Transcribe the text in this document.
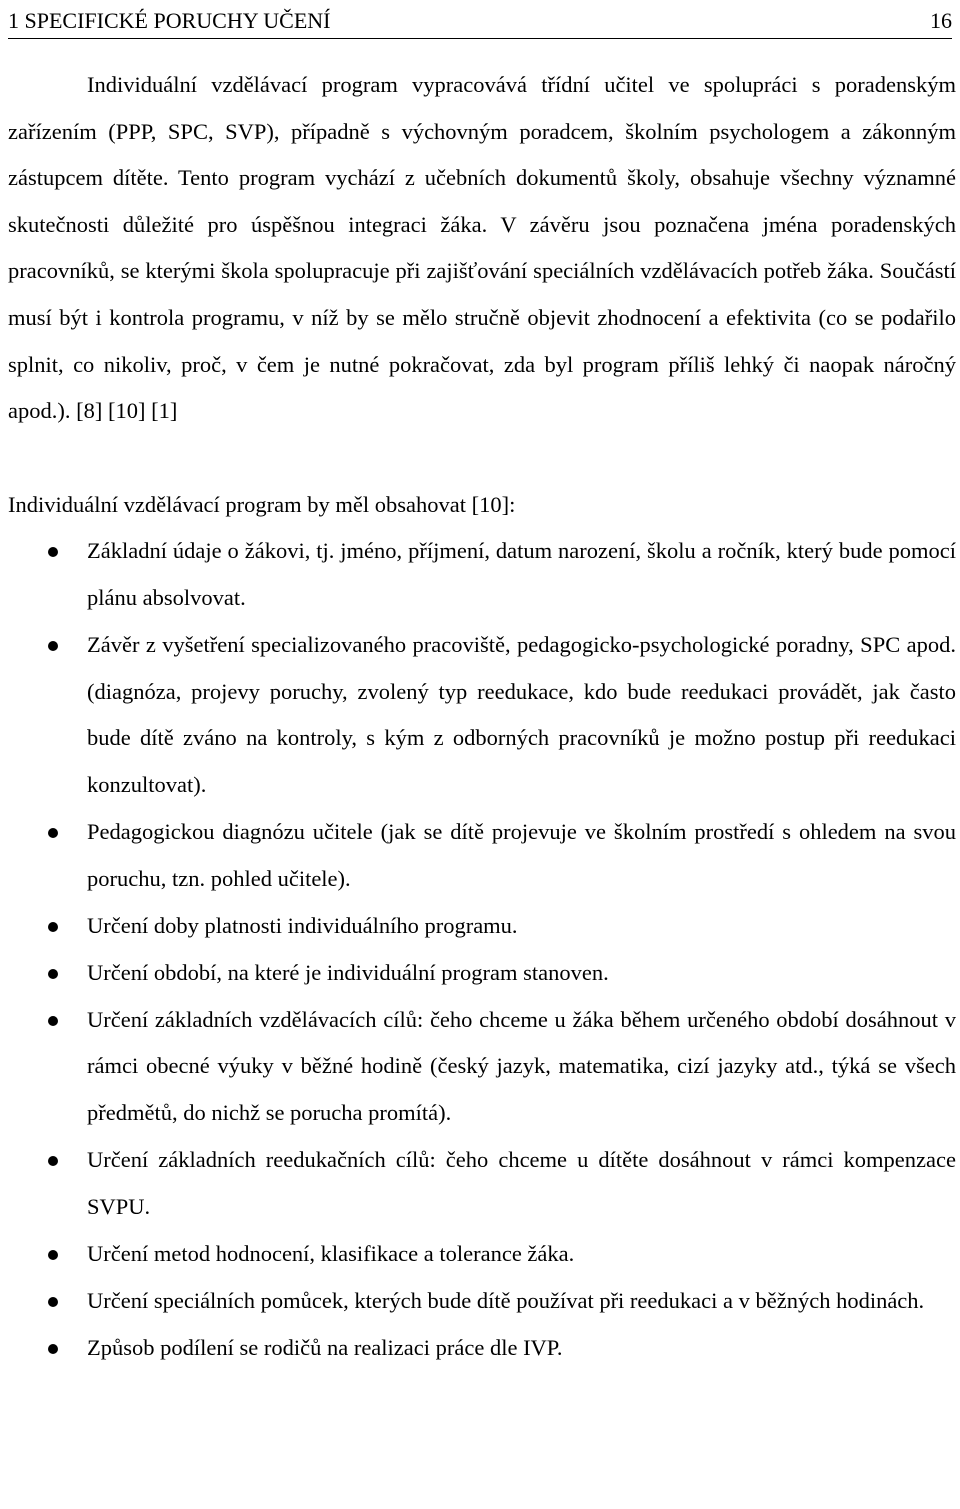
1 SPECIFICKÉ PORUCHY UČENÍ	16

Individuální vzdělávací program vypracovává třídní učitel ve spolupráci s poradenským zařízením (PPP, SPC, SVP), případně s výchovným poradcem, školním psychologem a zákonným zástupcem dítěte. Tento program vychází z učebních dokumentů školy, obsahuje všechny významné skutečnosti důležité pro úspěšnou integraci žáka. V závěru jsou poznačena jména poradenských pracovníků, se kterými škola spolupracuje při zajišťování speciálních vzdělávacích potřeb žáka. Součástí musí být i kontrola programu, v níž by se mělo stručně objevit zhodnocení a efektivita (co se podařilo splnit, co nikoliv, proč, v čem je nutné pokračovat, zda byl program příliš lehký či naopak náročný apod.). [8] [10] [1]

Individuální vzdělávací program by měl obsahovat [10]:

Základní údaje o žákovi, tj. jméno, příjmení, datum narození, školu a ročník, který bude pomocí plánu absolvovat.
Závěr z vyšetření specializovaného pracoviště, pedagogicko-psychologické poradny, SPC apod. (diagnóza, projevy poruchy, zvolený typ reedukace, kdo bude reedukaci provádět, jak často bude dítě zváno na kontroly, s kým z odborných pracovníků je možno postup při reedukaci konzultovat).
Pedagogickou diagnózu učitele (jak se dítě projevuje ve školním prostředí s ohledem na svou poruchu, tzn. pohled učitele).
Určení doby platnosti individuálního programu.
Určení období, na které je individuální program stanoven.
Určení základních vzdělávacích cílů: čeho chceme u žáka během určeného období dosáhnout v rámci obecné výuky v běžné hodině (český jazyk, matematika, cizí jazyky atd., týká se všech předmětů, do nichž se porucha promítá).
Určení základních reedukačních cílů: čeho chceme u dítěte dosáhnout v rámci kompenzace SVPU.
Určení metod hodnocení, klasifikace a tolerance žáka.
Určení speciálních pomůcek, kterých bude dítě používat při reedukaci a v běžných hodinách.
Způsob podílení se rodičů na realizaci práce dle IVP.
